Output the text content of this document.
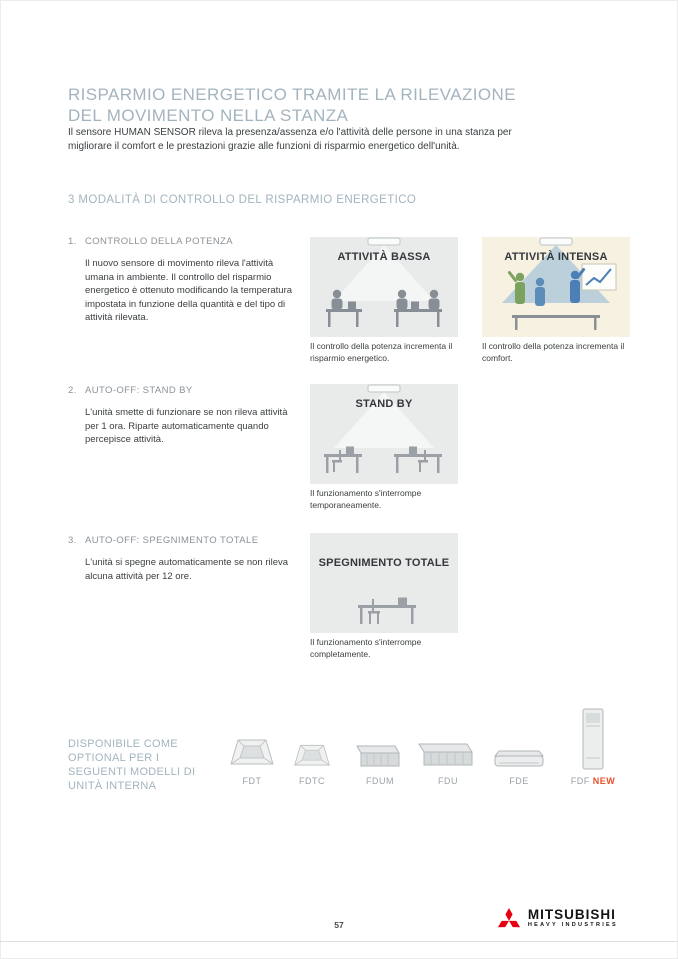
RISPARMIO ENERGETICO TRAMITE LA RILEVAZIONE
DEL MOVIMENTO NELLA STANZA

Il sensore HUMAN SENSOR rileva la presenza/assenza e/o l'attività delle persone in una stanza per migliorare il comfort e le prestazioni grazie alle funzioni di risparmio energetico dell'unità.

3 MODALITÀ DI CONTROLLO DEL RISPARMIO ENERGETICO
1. CONTROLLO DELLA POTENZA

Il nuovo sensore di movimento rileva l'attività umana in ambiente. Il controllo del risparmio energetico è ottenuto modificando la temperatura impostata in funzione della quantità e del tipo di attività rilevata.

ATTIVITÀ BASSA

Il controllo della potenza incrementa il risparmio energetico.

ATTIVITÀ INTENSA

Il controllo della potenza incrementa il comfort.

2. AUTO-OFF: STAND BY

L'unità smette di funzionare se non rileva attività per 1 ora. Riparte automaticamente quando percepisce attività.

STAND BY

Il funzionamento s'interrompe temporaneamente.

3. AUTO-OFF: SPEGNIMENTO TOTALE

L'unità si spegne automaticamente se non rileva alcuna attività per 12 ore.

SPEGNIMENTO TOTALE

Il funzionamento s'interrompe completamente.

DISPONIBILE COME
OPTIONAL PER I
SEGUENTI MODELLI DI
UNITÀ INTERNA	FDT	FDTC	FDUM	FDU	FDE	FDF NEW
57
MITSUBISHI
HEAVY INDUSTRIES
